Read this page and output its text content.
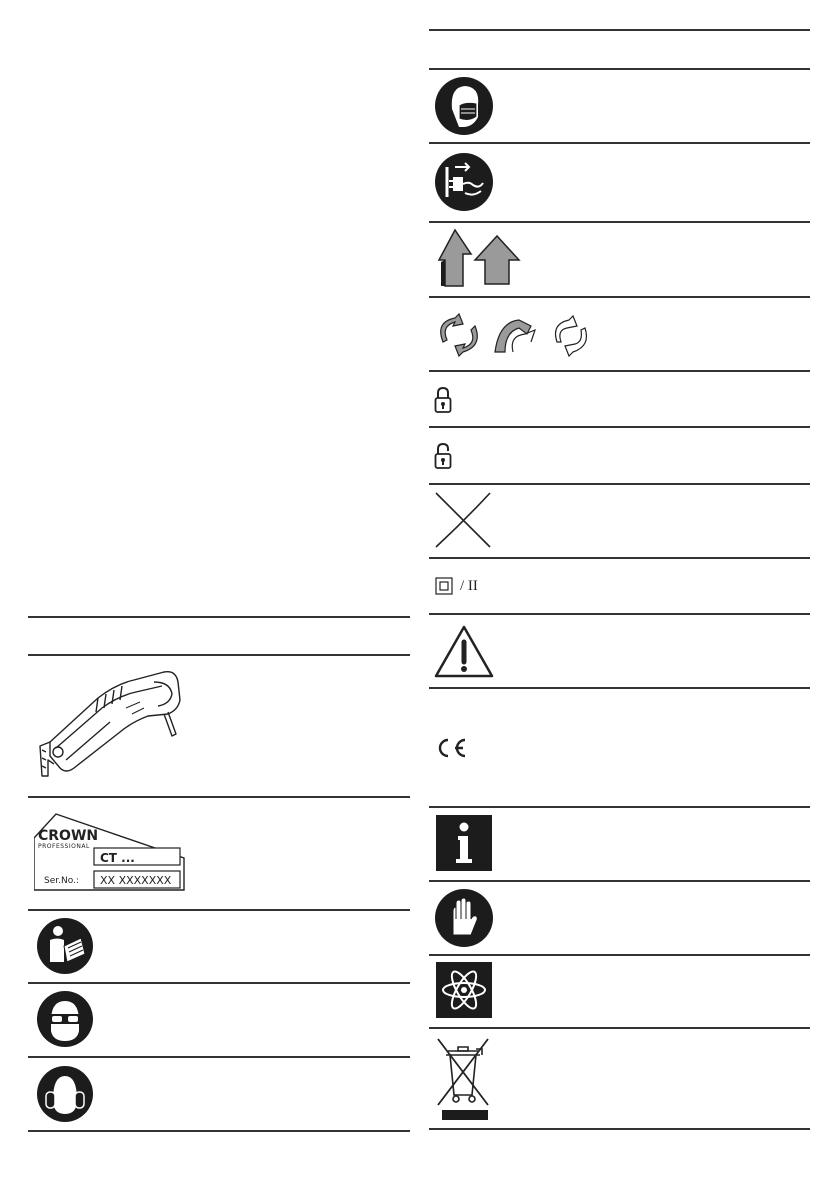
CROWN
PROFESSIONAL
CT ...
Ser.No.: XX XXXXXXX
/ II
